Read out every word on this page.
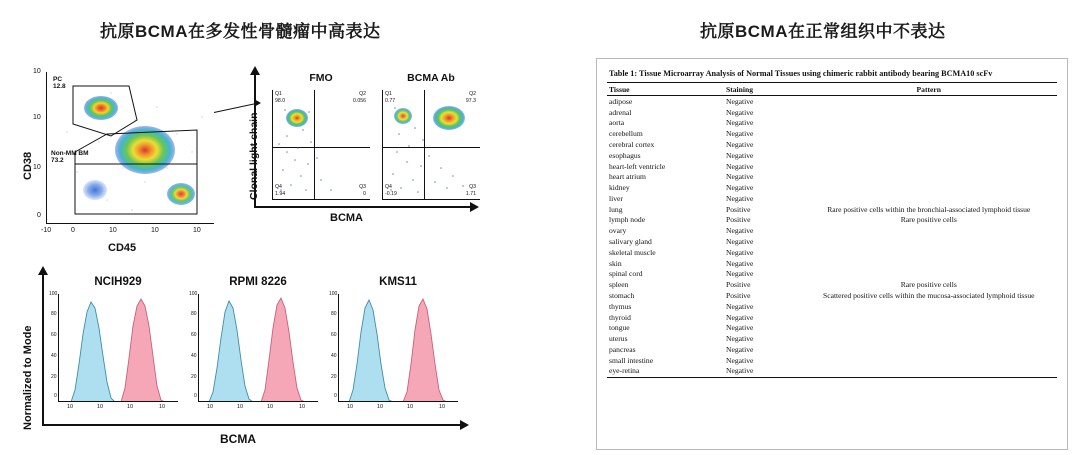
抗原BCMA在多发性骨髓瘤中高表达	抗原BCMA在正常组织中不表达
CD38
PC
12.8
Non-MM BM
73.2
10
10
10
0
-10	0	10	10	10
CD45
FMO
Q1
98.0
Q2
0.056
Q3
0
Q4
1.94
BCMA Ab
Q1
0.77
Q2
97.3
Q3
1.71
Q4
-0.19
BCMA
Clonal light chain
Normalized to Mode
BCMA
NCIH929
100
80
60
40
20
0
10	10	10	10
RPMI 8226
100
80
60
40
20
0
10	10	10	10
KMS11
100
80
60
40
20
0
10	10	10	10
Table 1: Tissue Microarray Analysis of Normal Tissues using chimeric rabbit antibody bearing BCMA10 scFv
Tissue	Staining	Pattern
adipose	Negative	
adrenal	Negative	
aorta	Negative	
cerebellum	Negative	
cerebral cortex	Negative	
esophagus	Negative	
heart-left ventricle	Negative	
heart atrium	Negative	
kidney	Negative	
liver	Negative	
lung	Positive	Rare positive cells within the bronchial-associated lymphoid tissue
lymph node	Positive	Rare positive cells
ovary	Negative	
salivary gland	Negative	
skeletal muscle	Negative	
skin	Negative	
spinal cord	Negative	
spleen	Positive	Rare positive cells
stomach	Positive	Scattered positive cells within the mucosa-associated lymphoid tissue
thymus	Negative	
thyroid	Negative	
tongue	Negative	
uterus	Negative	
pancreas	Negative	
small intestine	Negative	
eye-retina	Negative	
